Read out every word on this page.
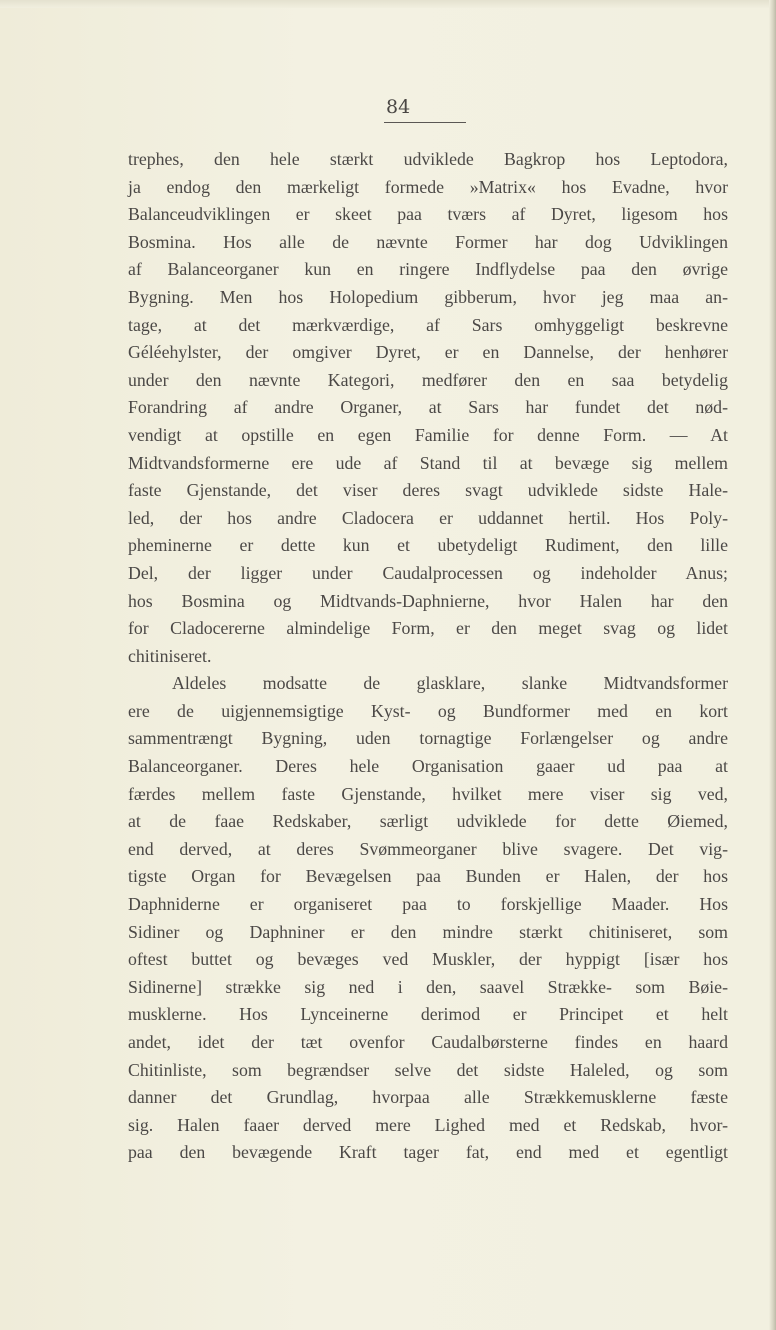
84
trephes, den hele stærkt udviklede Bagkrop hos Leptodora,
ja endog den mærkeligt formede »Matrix« hos Evadne, hvor
Balanceudviklingen er skeet paa tværs af Dyret, ligesom hos
Bosmina. Hos alle de nævnte Former har dog Udviklingen
af Balanceorganer kun en ringere Indflydelse paa den øvrige
Bygning. Men hos Holopedium gibberum, hvor jeg maa an-
tage, at det mærkværdige, af Sars omhyggeligt beskrevne
Géléehylster, der omgiver Dyret, er en Dannelse, der henhører
under den nævnte Kategori, medfører den en saa betydelig
Forandring af andre Organer, at Sars har fundet det nød-
vendigt at opstille en egen Familie for denne Form. — At
Midtvandsformerne ere ude af Stand til at bevæge sig mellem
faste Gjenstande, det viser deres svagt udviklede sidste Hale-
led, der hos andre Cladocera er uddannet hertil. Hos Poly-
pheminerne er dette kun et ubetydeligt Rudiment, den lille
Del, der ligger under Caudalprocessen og indeholder Anus;
hos Bosmina og Midtvands-Daphnierne, hvor Halen har den
for Cladocererne almindelige Form, er den meget svag og lidet
chitiniseret.
Aldeles modsatte de glasklare, slanke Midtvandsformer
ere de uigjennemsigtige Kyst- og Bundformer med en kort
sammentrængt Bygning, uden tornagtige Forlængelser og andre
Balanceorganer. Deres hele Organisation gaaer ud paa at
færdes mellem faste Gjenstande, hvilket mere viser sig ved,
at de faae Redskaber, særligt udviklede for dette Øiemed,
end derved, at deres Svømmeorganer blive svagere. Det vig-
tigste Organ for Bevægelsen paa Bunden er Halen, der hos
Daphniderne er organiseret paa to forskjellige Maader. Hos
Sidiner og Daphniner er den mindre stærkt chitiniseret, som
oftest buttet og bevæges ved Muskler, der hyppigt [især hos
Sidinerne] strække sig ned i den, saavel Strække- som Bøie-
musklerne. Hos Lynceinerne derimod er Principet et helt
andet, idet der tæt ovenfor Caudalbørsterne findes en haard
Chitinliste, som begrændser selve det sidste Haleled, og som
danner det Grundlag, hvorpaa alle Strækkemusklerne fæste
sig. Halen faaer derved mere Lighed med et Redskab, hvor-
paa den bevægende Kraft tager fat, end med et egentligt
